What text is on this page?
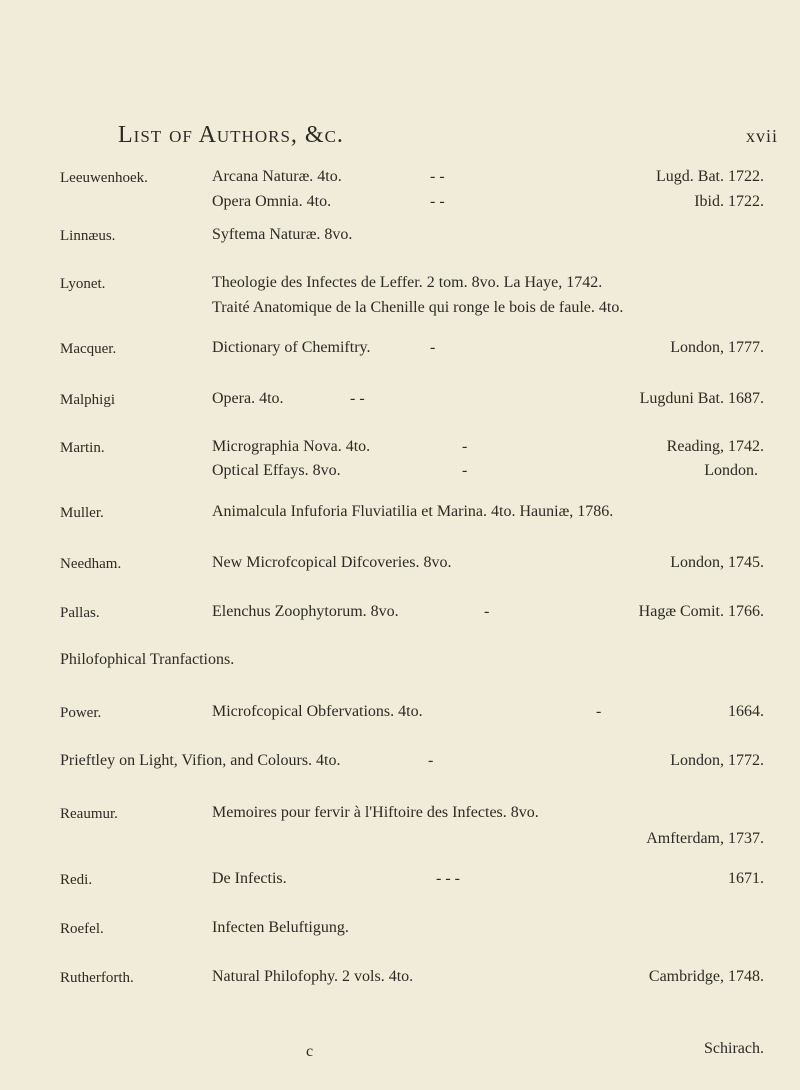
List of Authors, &c.	xvii
Leeuwenhoek.	Arcana Naturæ. 4to.	- -	Lugd. Bat. 1722.
Opera Omnia. 4to.	- -	Ibid. 1722.
Linnæus.	Syftema Naturæ. 8vo.
Lyonet.	Theologie des Infectes de Leffer. 2 tom. 8vo. La Haye, 1742.
Traité Anatomique de la Chenille qui ronge le bois de faule. 4to.
Macquer.	Dictionary of Chemiftry.	-	London, 1777.
Malphigi	Opera. 4to.	- -	Lugduni Bat. 1687.
Martin.	Micrographia Nova. 4to.	-	Reading, 1742.
Optical Effays. 8vo.	-	London.
Muller.	Animalcula Infuforia Fluviatilia et Marina. 4to. Hauniæ, 1786.
Needham.	New Microfcopical Difcoveries. 8vo.	London, 1745.
Pallas.	Elenchus Zoophytorum. 8vo.	-	Hagæ Comit. 1766.
Philofophical Tranfactions.
Power.	Microfcopical Obfervations. 4to.	-	1664.
Prieftley on Light, Vifion, and Colours. 4to.	-	London, 1772.
Reaumur.	Memoires pour fervir à l'Hiftoire des Infectes. 8vo.
Amfterdam, 1737.
Redi.	De Infectis.	- - -	1671.
Roefel.	Infecten Beluftigung.
Rutherforth.	Natural Philofophy. 2 vols. 4to.	Cambridge, 1748.
c	Schirach.
